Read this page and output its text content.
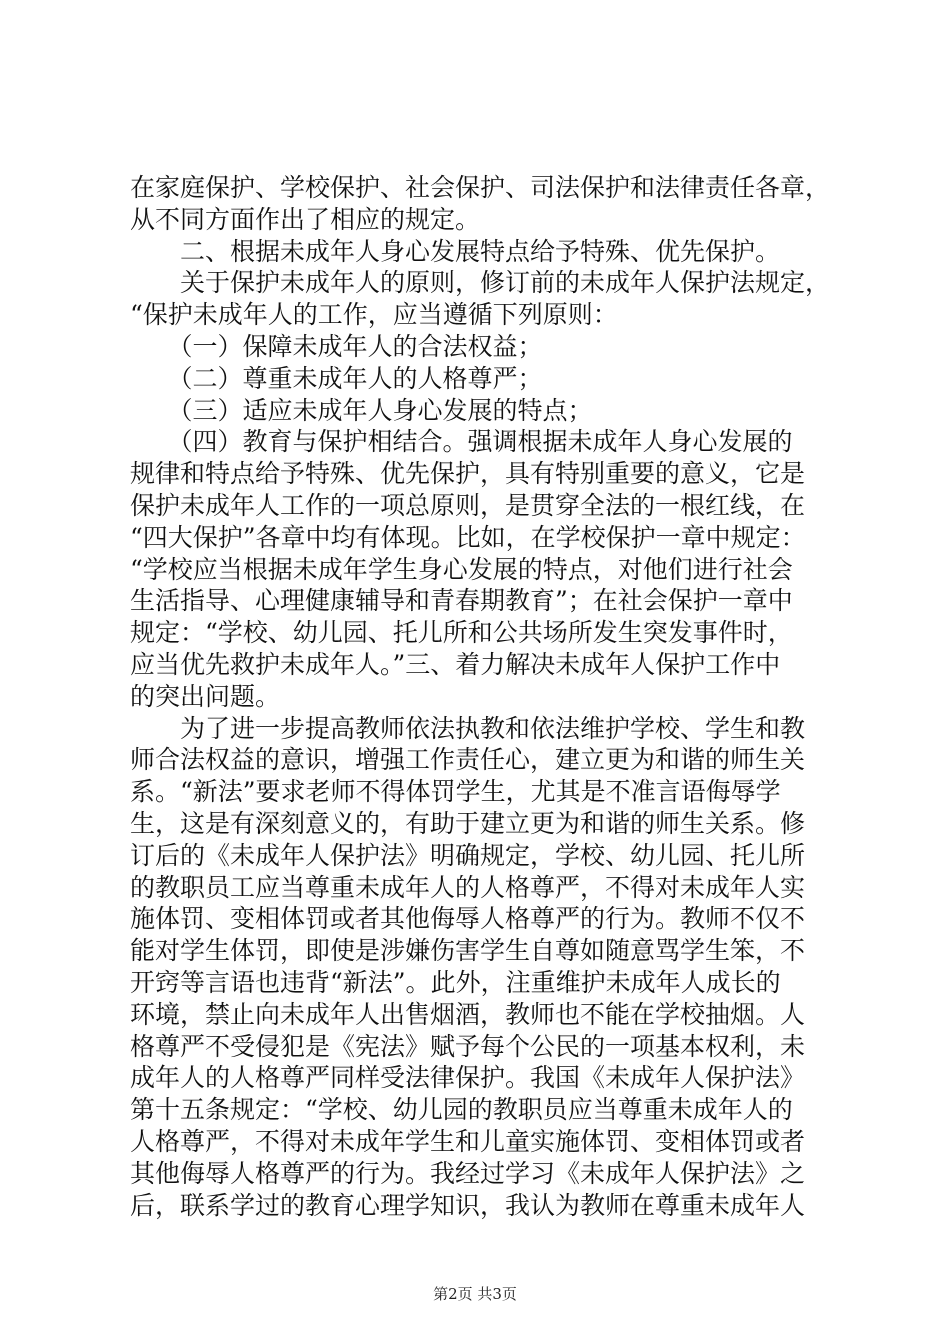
在家庭保护、学校保护、社会保护、司法保护和法律责任各章，
从不同方面作出了相应的规定。
　　二、根据未成年人身心发展特点给予特殊、优先保护。
　　关于保护未成年人的原则，修订前的未成年人保护法规定，
“保护未成年人的工作，应当遵循下列原则：
　　（一）保障未成年人的合法权益；
　　（二）尊重未成年人的人格尊严；
　　（三）适应未成年人身心发展的特点；
　　（四）教育与保护相结合。强调根据未成年人身心发展的
规律和特点给予特殊、优先保护，具有特别重要的意义，它是
保护未成年人工作的一项总原则，是贯穿全法的一根红线，在
“四大保护”各章中均有体现。比如，在学校保护一章中规定：
“学校应当根据未成年学生身心发展的特点，对他们进行社会
生活指导、心理健康辅导和青春期教育”；在社会保护一章中
规定：“学校、幼儿园、托儿所和公共场所发生突发事件时，
应当优先救护未成年人。”三、着力解决未成年人保护工作中
的突出问题。
　　为了进一步提高教师依法执教和依法维护学校、学生和教
师合法权益的意识，增强工作责任心，建立更为和谐的师生关
系。“新法”要求老师不得体罚学生，尤其是不准言语侮辱学
生，这是有深刻意义的，有助于建立更为和谐的师生关系。修
订后的《未成年人保护法》明确规定，学校、幼儿园、托儿所
的教职员工应当尊重未成年人的人格尊严，不得对未成年人实
施体罚、变相体罚或者其他侮辱人格尊严的行为。教师不仅不
能对学生体罚，即使是涉嫌伤害学生自尊如随意骂学生笨，不
开窍等言语也违背“新法”。此外，注重维护未成年人成长的
环境，禁止向未成年人出售烟酒，教师也不能在学校抽烟。人
格尊严不受侵犯是《宪法》赋予每个公民的一项基本权利，未
成年人的人格尊严同样受法律保护。我国《未成年人保护法》
第十五条规定：“学校、幼儿园的教职员应当尊重未成年人的
人格尊严，不得对未成年学生和儿童实施体罚、变相体罚或者
其他侮辱人格尊严的行为。我经过学习《未成年人保护法》之
后，联系学过的教育心理学知识，我认为教师在尊重未成年人
第2页 共3页
